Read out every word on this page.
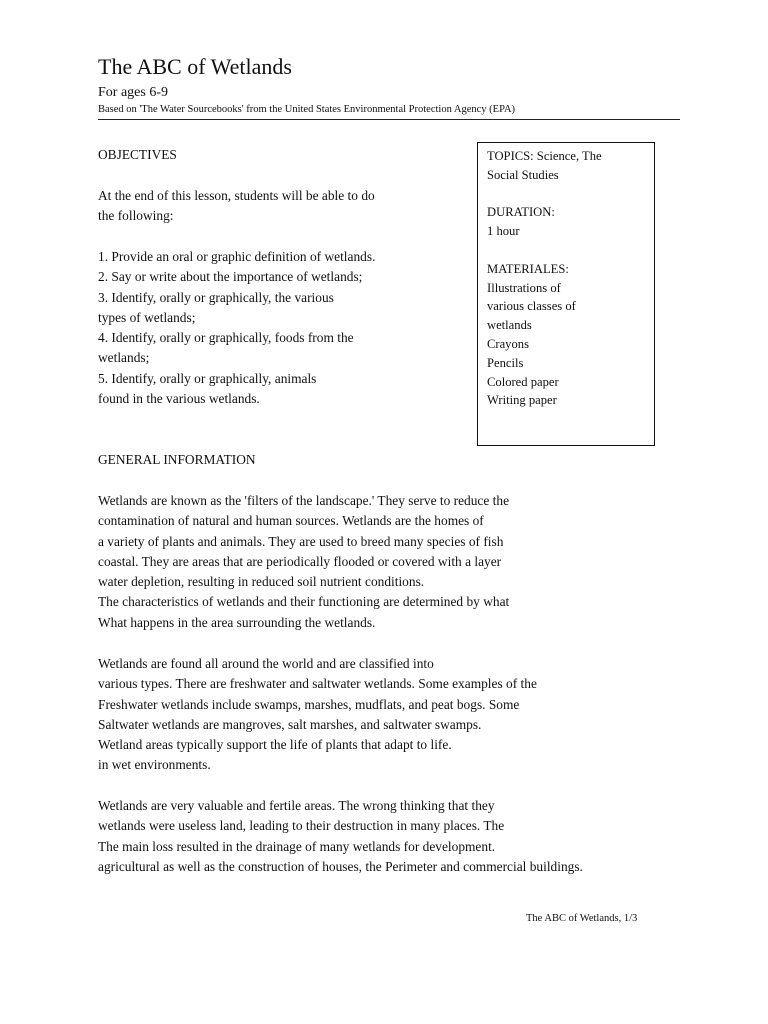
The ABC of Wetlands
For ages 6-9
Based on 'The Water Sourcebooks' from the United States Environmental Protection Agency (EPA)
OBJECTIVES
At the end of this lesson, students will be able to do
the following:
1. Provide an oral or graphic definition of wetlands.
2. Say or write about the importance of wetlands;
3. Identify, orally or graphically, the various
types of wetlands;
4. Identify, orally or graphically, foods from the
wetlands;
5. Identify, orally or graphically, animals
found in the various wetlands.
TOPICS: Science, The
Social Studies
DURATION:
1 hour
MATERIALES:
Illustrations of
various classes of
wetlands
Crayons
Pencils
Colored paper
Writing paper
GENERAL INFORMATION
Wetlands are known as the 'filters of the landscape.' They serve to reduce the
contamination of natural and human sources. Wetlands are the homes of
a variety of plants and animals. They are used to breed many species of fish
coastal. They are areas that are periodically flooded or covered with a layer
water depletion, resulting in reduced soil nutrient conditions.
The characteristics of wetlands and their functioning are determined by what
What happens in the area surrounding the wetlands.
Wetlands are found all around the world and are classified into
various types. There are freshwater and saltwater wetlands. Some examples of the
Freshwater wetlands include swamps, marshes, mudflats, and peat bogs. Some
Saltwater wetlands are mangroves, salt marshes, and saltwater swamps.
Wetland areas typically support the life of plants that adapt to life.
in wet environments.
Wetlands are very valuable and fertile areas. The wrong thinking that they
wetlands were useless land, leading to their destruction in many places. The
The main loss resulted in the drainage of many wetlands for development.
agricultural as well as the construction of houses, the Perimeter and commercial buildings.
The ABC of Wetlands, 1/3
